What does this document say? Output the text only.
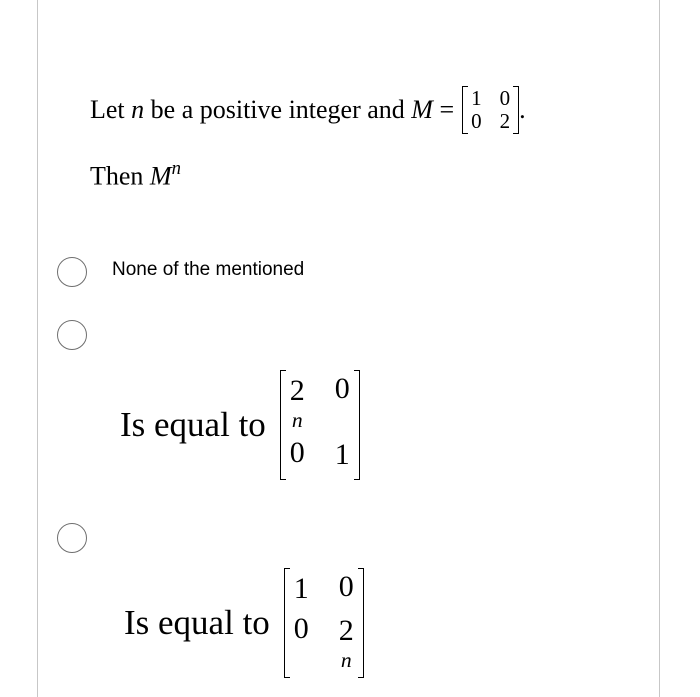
Let
n
be a positive integer and
M
= 1 0
0 2 .
Then $M^n$
None of the mentioned
Is equal to
2
n
0
0 1
Is equal to
1 0
0 2
n
